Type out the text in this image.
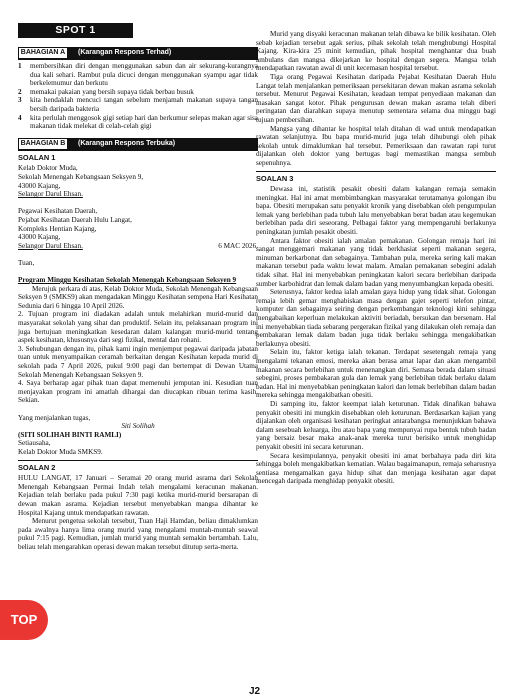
SPOT 1
BAHAGIAN A	(Karangan Respons Terhad)
1	membersihkan diri dengan menggunakan sabun dan air sekurang-kurangnya dua kali sehari. Rambut pula dicuci dengan menggunakan syampu agar tidak berkelemumur dan berkutu
2	memakai pakaian yang bersih supaya tidak berbau busuk
3	kita hendaklah mencuci tangan sebelum menjamah makanan supaya tangan bersih daripada bakteria
4	kita perlulah menggosok gigi setiap hari dan berkumur selepas makan agar sisa makanan tidak melekat di celah-celah gigi
BAHAGIAN B	(Karangan Respons Terbuka)
SOALAN 1
Kelab Doktor Muda,
Sekolah Menengah Kebangsaan Seksyen 9,
43000 Kajang,
Selangor Darul Ehsan.
Pegawai Kesihatan Daerah,
Pejabat Kesihatan Daerah Hulu Langat,
Kompleks Hentian Kajang,
43000 Kajang,
Selangor Darul Ehsan.	6 MAC 2026.
Tuan,
Program Minggu Kesihatan Sekolah Menengah Kebangsaan Seksyen 9
Merujuk perkara di atas, Kelab Doktor Muda, Sekolah Menengah Kebangsaan Seksyen 9 (SMKS9) akan mengadakan Minggu Kesihatan sempena Hari Kesihatan Sedunia dari 6 hingga 10 April 2026.
2. Tujuan program ini diadakan adalah untuk melahirkan murid-murid dan masyarakat sekolah yang sihat dan produktif. Selain itu, pelaksanaan program ini juga bertujuan meningkatkan kesedaran dalam kalangan murid-murid tentang aspek kesihatan, khususnya dari segi fizikal, mental dan rohani.
3. Sehubungan dengan itu, pihak kami ingin menjemput pegawai daripada jabatan tuan untuk menyampaikan ceramah berkaitan dengan Kesihatan kepada murid di sekolah pada 7 April 2026, pukul 9:00 pagi dan bertempat di Dewan Utama Sekolah Menengah Kebangsaan Seksyen 9.
4. Saya berharap agar pihak tuan dapat memenuhi jemputan ini. Kesudian tuan menjayakan program ini amatlah dihargai dan diucapkan ribuan terima kasih. Sekian.
Yang menjalankan tugas,
Siti Solihah
(SITI SOLIHAH BINTI RAMLI)
Setiausaha,
Kelab Doktor Muda SMKS9.
SOALAN 2
HULU LANGAT, 17 Januari – Seramai 20 orang murid asrama dari Sekolah Menengah Kebangsaan Permai Indah telah mengalami keracunan makanan. Kejadian telah berlaku pada pukul 7:30 pagi ketika murid-murid bersarapan di dewan makan asrama. Kejadian tersebut menyebabkan mangsa dihantar ke Hospital Kajang untuk mendapatkan rawatan.
Menurut pengetua sekolah tersebut, Tuan Haji Hamdan, beliau dimaklumkan pada awalnya hanya lima orang murid yang mengalami muntah-muntah seawal pukul 7:15 pagi. Kemudian, jumlah murid yang muntah semakin bertambah. Lalu, beliau telah mengarahkan operasi dewan makan tersebut ditutup serta-merta.
Murid yang disyaki keracunan makanan telah dibawa ke bilik kesihatan. Oleh sebab kejadian tersebut agak serius, pihak sekolah telah menghubungi Hospital Kajang. Kira-kira 25 minit kemudian, pihak hospital menghantar dua buah ambulans dan mangsa dikejarkan ke hospital dengan segera. Mangsa telah mendapatkan rawatan awal di unit kecemasan hospital tersebut.
Tiga orang Pegawai Kesihatan daripada Pejabat Kesihatan Daerah Hulu Langat telah menjalankan pemeriksaan persekitaran dewan makan asrama sekolah tersebut. Menurut Pegawai Kesihatan, keadaan tempat penyediaan makanan dan masakan sangat kotor. Pihak pengurusan dewan makan asrama telah diberi peringatan dan diarahkan supaya menutup sementara selama dua minggu bagi tujuan pembersihan.
Mangsa yang dihantar ke hospital telah ditahan di wad untuk mendapatkan rawatan selanjutnya. Ibu bapa murid-murid juga telah dihubungi oleh pihak sekolah untuk dimaklumkan hal tersebut. Pemeriksaan dan rawatan rapi turut dijalankan oleh doktor yang bertugas bagi memastikan mangsa sembuh sepenuhnya.
SOALAN 3
Dewasa ini, statistik pesakit obesiti dalam kalangan remaja semakin meningkat. Hal ini amat membimbangkan masyarakat terutamanya golongan ibu bapa. Obesiti merupakan satu penyakit kronik yang disebabkan oleh pengumpulan lemak yang berlebihan pada tubuh lalu menyebabkan berat badan atau kegemukan berlebihan pada diri seseorang. Pelbagai faktor yang mempengaruhi berlakunya peningkatan jumlah pesakit obesiti.
Antara faktor obesiti ialah amalan pemakanan. Golongan remaja hari ini sangat menggemari makanan yang tidak berkhasiat seperti makanan segera, minuman berkarbonat dan sebagainya. Tambahan pula, mereka sering kali makan makanan tersebut pada waktu lewat malam. Amalan pemakanan sebegini adalah tidak sihat. Hal ini menyebabkan peningkatan kalori secara berlebihan daripada sumber karbohidrat dan lemak dalam badan yang menyumbangkan kepada obesiti.
Seterusnya, faktor kedua ialah amalan gaya hidup yang tidak sihat. Golongan remaja lebih gemar menghabiskan masa dengan gajet seperti telefon pintar, komputer dan sebagainya seiring dengan perkembangan teknologi kini sehingga mengabaikan keperluan melakukan aktiviti beriadah, bersukan dan bersenam. Hal ini menyebabkan tiada sebarang pergerakan fizikal yang dilakukan oleh remaja dan pembakaran lemak dalam badan juga tidak berlaku sehingga mengakibatkan berlakunya obesiti.
Selain itu, faktor ketiga ialah tekanan. Terdapat sesetengah remaja yang mengalami tekanan emosi, mereka akan berasa amat lapar dan akan mengambil makanan secara berlebihan untuk menenangkan diri. Semasa berada dalam situasi sebegini, proses pembakaran gula dan lemak yang berlebihan tidak berlaku dalam badan. Hal ini menyebabkan peningkatan kalori dan lemak berlebihan dalam badan mereka sehingga mengakibatkan obesiti.
Di samping itu, faktor keempat ialah keturunan. Tidak dinafikan bahawa penyakit obesiti ini mungkin disebabkan oleh keturunan. Berdasarkan kajian yang dijalankan oleh organisasi kesihatan peringkat antarabangsa menunjukkan bahawa dalam sesebuah keluarga, ibu atau bapa yang mempunyai rupa bentuk tubuh badan yang bersaiz besar maka anak-anak mereka turut berisiko untuk menghidap penyakit obesiti ini secara keturunan.
Secara kesimpulannya, penyakit obesiti ini amat berbahaya pada diri kita sehingga boleh mengakibatkan kematian. Walau bagaimanapun, remaja seharusnya sentiasa mengamalkan gaya hidup sihat dan menjaga kesihatan agar dapat mencegah daripada menghidap penyakit obesiti.
J2
TOP
